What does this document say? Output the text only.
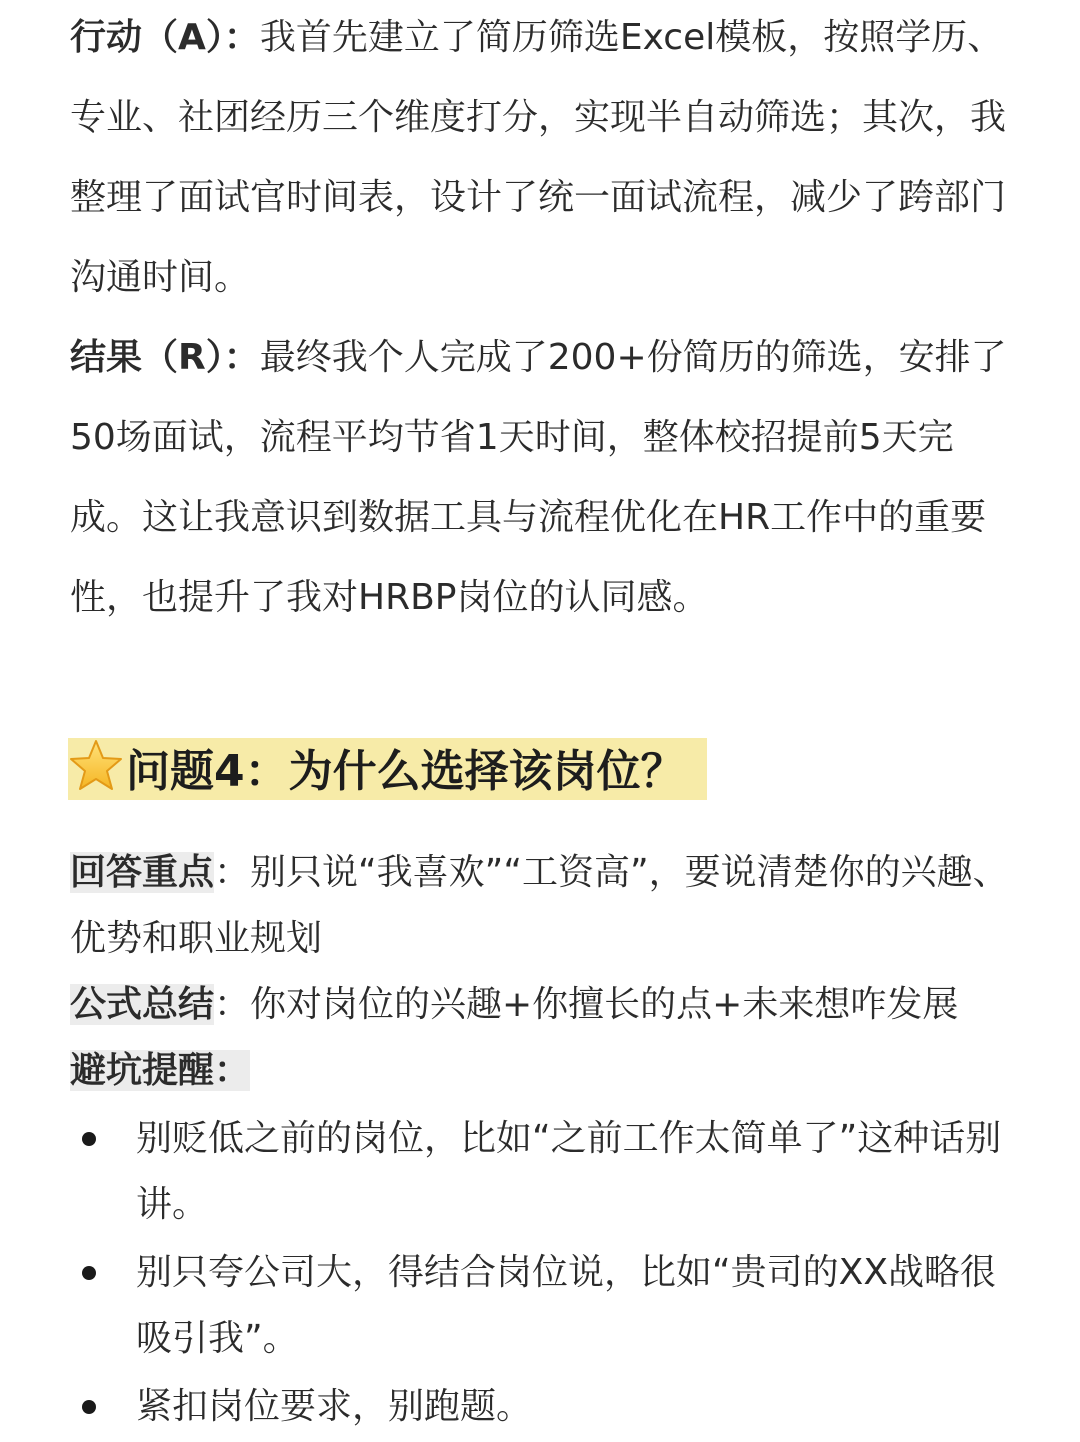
行动（A）：我首先建立了简历筛选Excel模板，按照学历、专业、社团经历三个维度打分，实现半自动筛选；其次，我整理了面试官时间表，设计了统一面试流程，减少了跨部门沟通时间。

结果（R）：最终我个人完成了200+份简历的筛选，安排了50场面试，流程平均节省1天时间，整体校招提前5天完成。这让我意识到数据工具与流程优化在HR工作中的重要性，也提升了我对HRBP岗位的认同感。

问题4：为什么选择该岗位？
回答重点：别只说“我喜欢”“工资高”，要说清楚你的兴趣、优势和职业规划
公式总结：你对岗位的兴趣+你擅长的点+未来想咋发展
避坑提醒：
别贬低之前的岗位，比如“之前工作太简单了”这种话别讲。
别只夸公司大，得结合岗位说，比如“贵司的XX战略很吸引我”。
紧扣岗位要求，别跑题。
